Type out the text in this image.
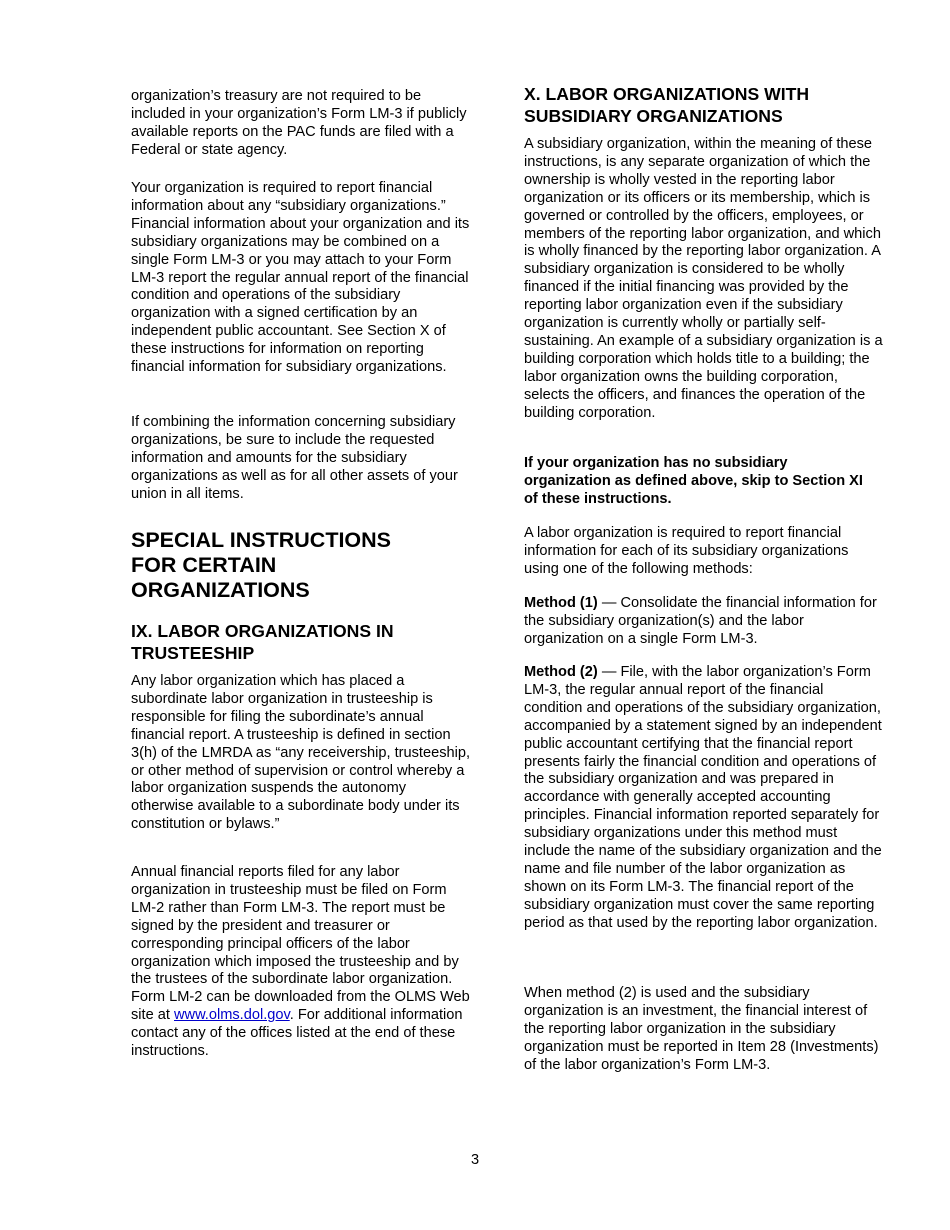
organization’s treasury are not required to be included in your organization’s Form LM-3 if publicly available reports on the PAC funds are filed with a Federal or state agency.

Your organization is required to report financial information about any “subsidiary organizations.” Financial information about your organization and its subsidiary organizations may be combined on a single Form LM-3 or you may attach to your Form LM-3 report the regular annual report of the financial condition and operations of the subsidiary organization with a signed certification by an independent public accountant. See Section X of these instructions for information on reporting financial information for subsidiary organizations.

If combining the information concerning subsidiary organizations, be sure to include the requested information and amounts for the subsidiary organizations as well as for all other assets of your union in all items.

SPECIAL INSTRUCTIONS FOR CERTAIN ORGANIZATIONS
IX. LABOR ORGANIZATIONS IN TRUSTEESHIP

Any labor organization which has placed a subordinate labor organization in trusteeship is responsible for filing the subordinate’s annual financial report. A trusteeship is defined in section 3(h) of the LMRDA as “any receivership, trusteeship, or other method of supervision or control whereby a labor organization suspends the autonomy otherwise available to a subordinate body under its constitution or bylaws.”

Annual financial reports filed for any labor organization in trusteeship must be filed on Form LM-2 rather than Form LM-3. The report must be signed by the president and treasurer or corresponding principal officers of the labor organization which imposed the trusteeship and by the trustees of the subordinate labor organization. Form LM-2 can be downloaded from the OLMS Web site at www.olms.dol.gov. For additional information contact any of the offices listed at the end of these instructions.

X. LABOR ORGANIZATIONS WITH SUBSIDIARY ORGANIZATIONS

A subsidiary organization, within the meaning of these instructions, is any separate organization of which the ownership is wholly vested in the reporting labor organization or its officers or its membership, which is governed or controlled by the officers, employees, or members of the reporting labor organization, and which is wholly financed by the reporting labor organization. A subsidiary organization is considered to be wholly financed if the initial financing was provided by the reporting labor organization even if the subsidiary organization is currently wholly or partially self-sustaining. An example of a subsidiary organization is a building corporation which holds title to a building; the labor organization owns the building corporation, selects the officers, and finances the operation of the building corporation.

If your organization has no subsidiary organization as defined above, skip to Section XI of these instructions.

A labor organization is required to report financial information for each of its subsidiary organizations using one of the following methods:

Method (1) — Consolidate the financial information for the subsidiary organization(s) and the labor organization on a single Form LM-3.

Method (2) — File, with the labor organization’s Form LM-3, the regular annual report of the financial condition and operations of the subsidiary organization, accompanied by a statement signed by an independent public accountant certifying that the financial report presents fairly the financial condition and operations of the subsidiary organization and was prepared in accordance with generally accepted accounting principles. Financial information reported separately for subsidiary organizations under this method must include the name of the subsidiary organization and the name and file number of the labor organization as shown on its Form LM-3. The financial report of the subsidiary organization must cover the same reporting period as that used by the reporting labor organization.

When method (2) is used and the subsidiary organization is an investment, the financial interest of the reporting labor organization in the subsidiary organization must be reported in Item 28 (Investments) of the labor organization’s Form LM-3.

3
